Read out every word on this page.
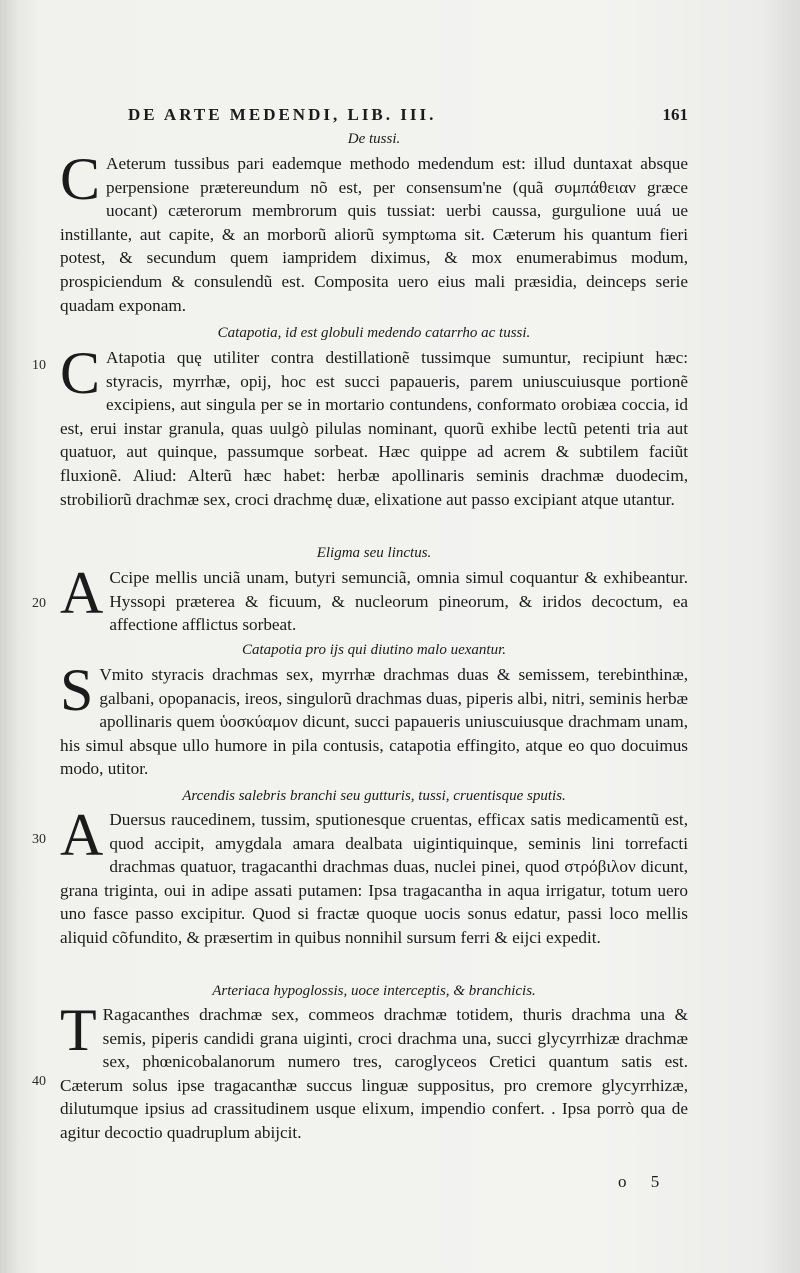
DE ARTE MEDENDI, LIB. III.	161
De tussi.
C Aeterum tussibus pari eademque methodo medendum est: illud duntaxat absque perpensione prætereundum nõ est, per consensum'ne (quã συμπάθειαν græce uocant) cæterorum membrorum quis tussiat: uerbi caussa, gurgulione uuá ue instillante, aut capite, & an morborũ aliorũ symptωma sit. Cæterum his quantum fieri potest, & secundum quem iampridem diximus, & mox enumerabimus modum, prospiciendum & consulendũ est. Composita uero eius mali præsidia, deinceps serie quadam exponam.
Catapotia, id est globuli medendo catarrho ac tussi.
C Atapotia quę utiliter contra destillationẽ tussimque sumuntur, recipiunt hæc: styracis, myrrhæ, opij, hoc est succi papaueris, parem uniuscuiusque portionẽ excipiens, aut singula per se in mortario contundens, conformato orobiæa coccia, id est, erui instar granula, quas uulgò pilulas nominant, quorũ exhibe lectũ petenti tria aut quatuor, aut quinque, passumque sorbeat. Hæc quippe ad acrem & subtilem faciũt fluxionẽ. Aliud: Alterũ hæc habet: herbæ apollinaris seminis drachmæ duodecim, strobiliorũ drachmæ sex, croci drachmę duæ, elixatione aut passo excipiant atque utantur.
Eligma seu linctus.
A Ccipe mellis unciã unam, butyri semunciã, omnia simul coquantur & exhibeantur. Hyssopi præterea & ficuum, & nucleorum pineorum, & iridos decoctum, ea affectione afflictus sorbeat.
Catapotia pro ijs qui diutino malo uexantur.
S Vmito styracis drachmas sex, myrrhæ drachmas duas & semissem, terebinthinæ, galbani, opopanacis, ireos, singulorũ drachmas duas, piperis albi, nitri, seminis herbæ apollinaris quem ὑοσκύαμον dicunt, succi papaueris uniuscuiusque drachmam unam, his simul absque ullo humore in pila contusis, catapotia effingito, atque eo quo docuimus modo, utitor.
Arcendis salebris branchi seu gutturis, tussi, cruentisque sputis.
A Duersus raucedinem, tussim, sputionesque cruentas, efficax satis medicamentũ est, quod accipit, amygdala amara dealbata uigintiquinque, seminis lini torrefacti drachmas quatuor, tragacanthi drachmas duas, nuclei pinei, quod στρόβιλον dicunt, grana triginta, oui in adipe assati putamen: Ipsa tragacantha in aqua irrigatur, totum uero uno fasce passo excipitur. Quod si fractæ quoque uocis sonus edatur, passi loco mellis aliquid cõfundito, & præsertim in quibus nonnihil sursum ferri & eijci expedit.
Arteriaca hypoglossis, uoce interceptis, & branchicis.
T Ragacanthes drachmæ sex, commeos drachmæ totidem, thuris drachma una & semis, piperis candidi grana uiginti, croci drachma una, succi glycyrrhizæ drachmæ sex, phœnicobalanorum numero tres, caroglyceos Cretici quantum satis est. Cæterum solus ipse tragacanthæ succus linguæ suppositus, pro cremore glycyrrhizæ, dilutumque ipsius ad crassitudinem usque elixum, impendio confert. . Ipsa porrò qua de agitur decoctio quadruplum abijcit.
10
20
30
40
o 5
